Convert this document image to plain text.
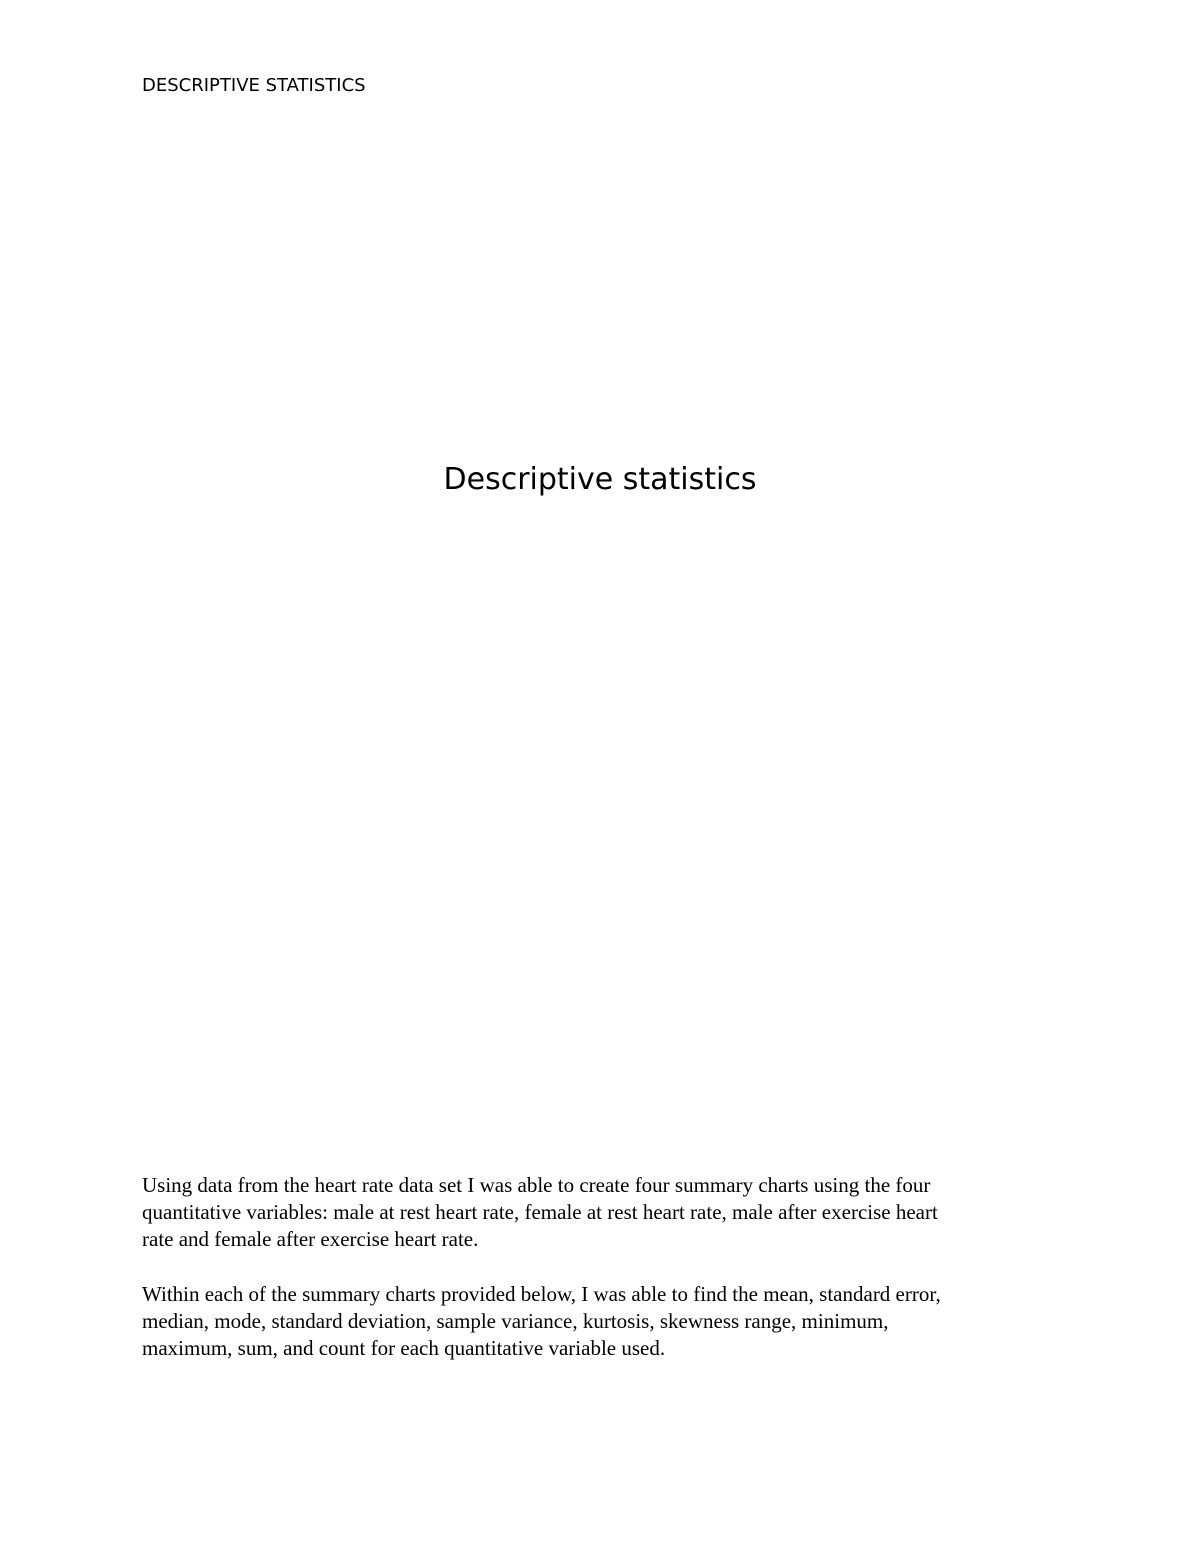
DESCRIPTIVE STATISTICS
Descriptive statistics
Using data from the heart rate data set I was able to create four summary charts using the four
quantitative variables: male at rest heart rate, female at rest heart rate, male after exercise heart
rate and female after exercise heart rate.
Within each of the summary charts provided below, I was able to find the mean, standard error,
median, mode, standard deviation, sample variance, kurtosis, skewness range, minimum,
maximum, sum, and count for each quantitative variable used.
